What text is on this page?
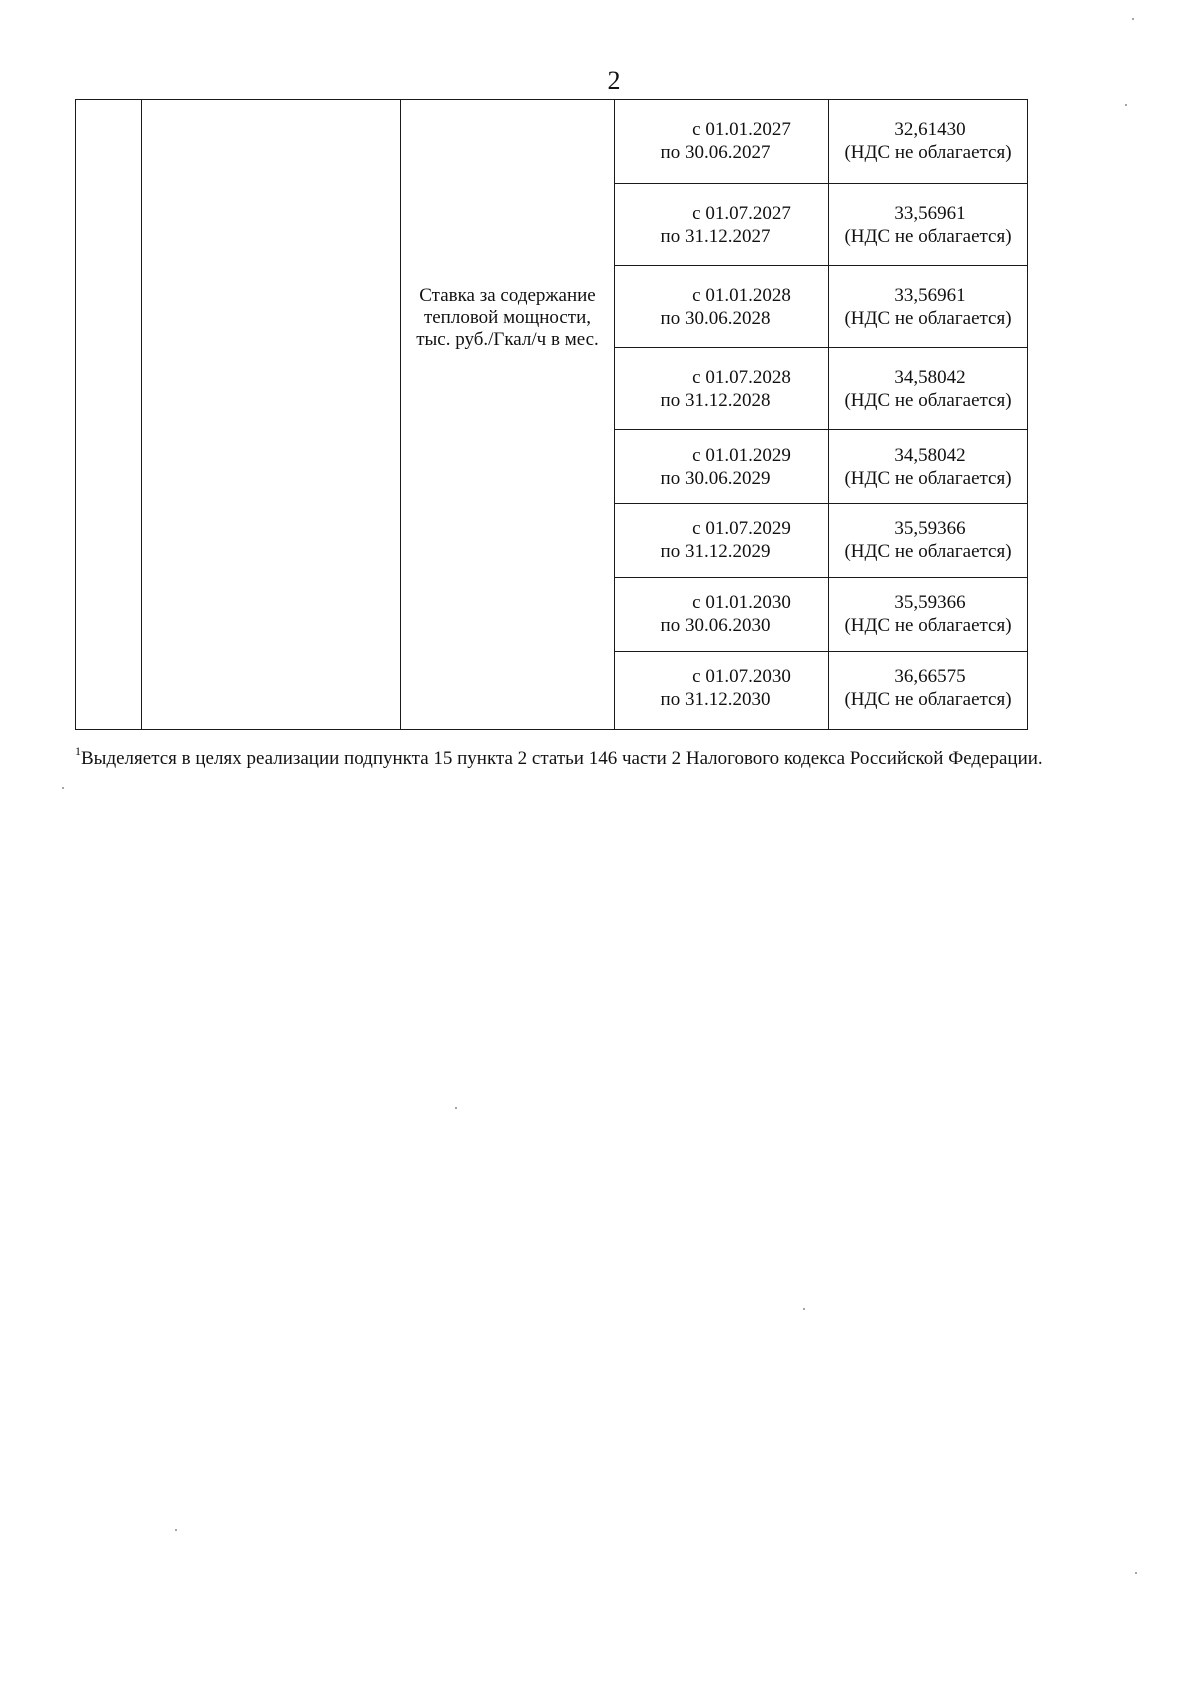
2
		Ставка за содержание тепловой мощности, тыс. руб./Гкал/ч в мес.	с 01.01.2027
по 30.06.2027	32,61430
(НДС не облагается)

			с 01.07.2027
по 31.12.2027	33,56961
(НДС не облагается)

			с 01.01.2028
по 30.06.2028	33,56961
(НДС не облагается)

			с 01.07.2028
по 31.12.2028	34,58042
(НДС не облагается)

			с 01.01.2029
по 30.06.2029	34,58042
(НДС не облагается)

			с 01.07.2029
по 31.12.2029	35,59366
(НДС не облагается)

			с 01.01.2030
по 30.06.2030	35,59366
(НДС не облагается)

			с 01.07.2030
по 31.12.2030	36,66575
(НДС не облагается)
$^1$Выделяется в целях реализации подпункта 15 пункта 2 статьи 146 части 2 Налогового кодекса Российской Федерации.
